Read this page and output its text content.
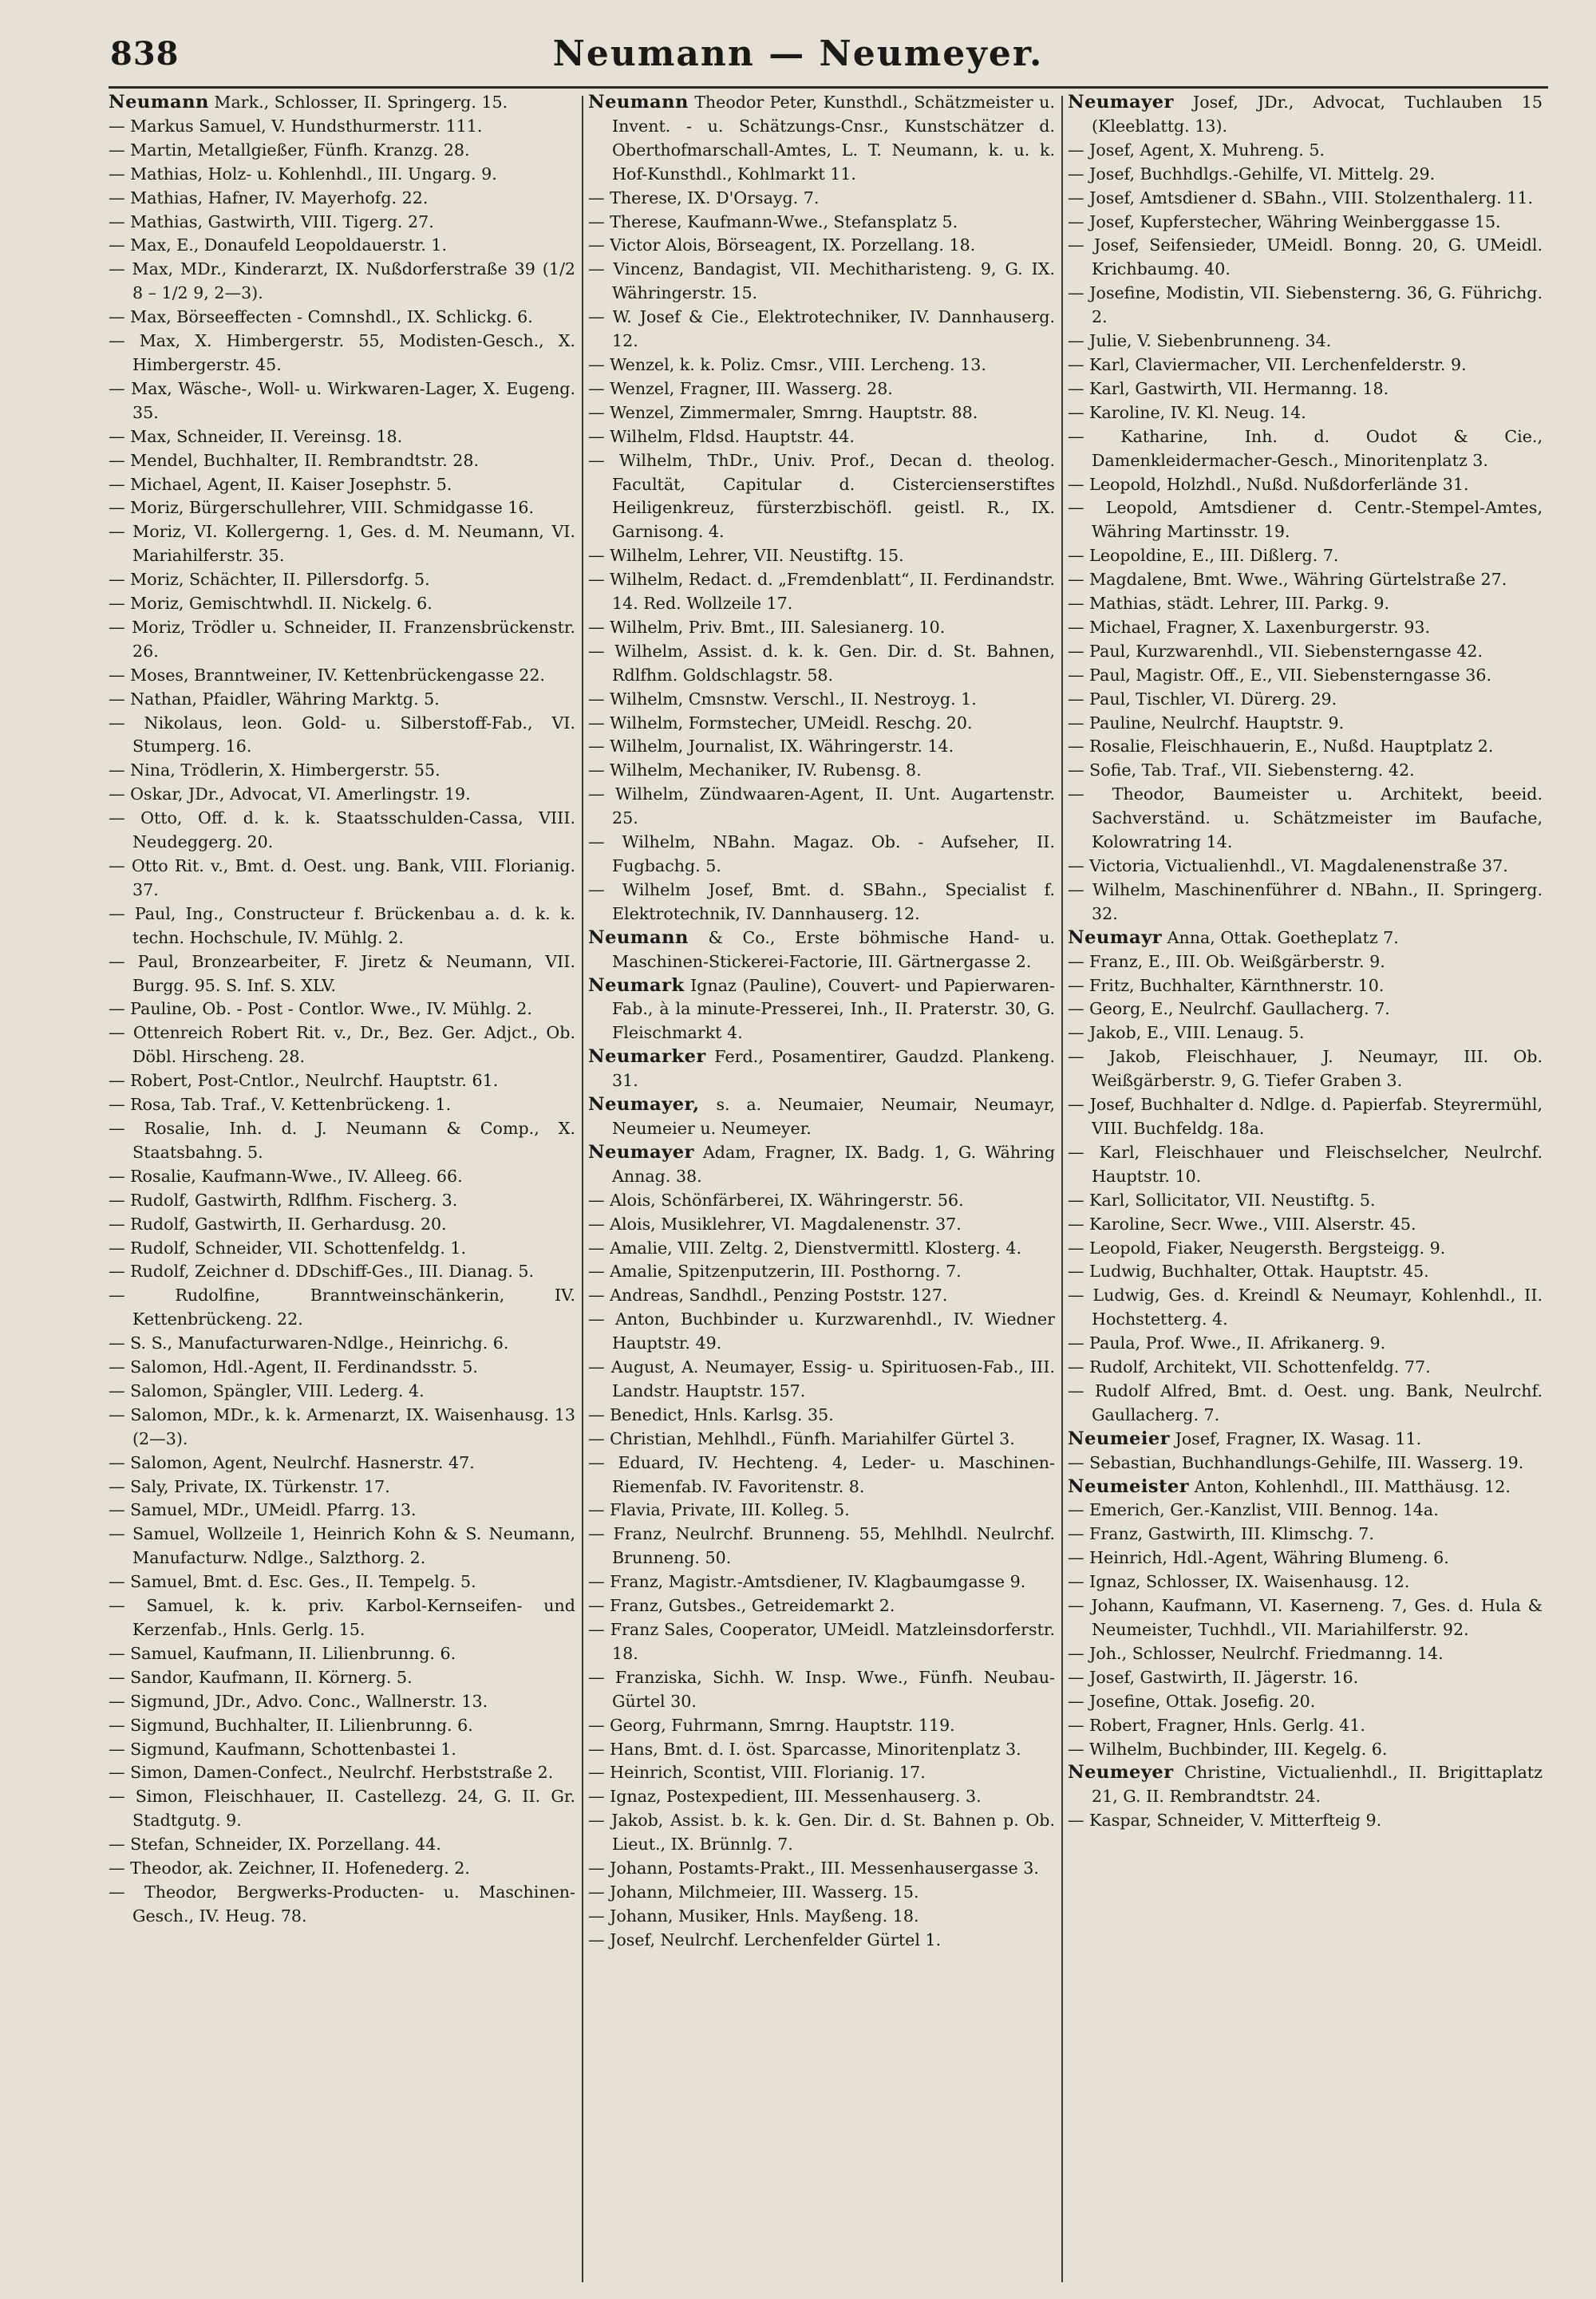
838	Neumann — Neumeyer.

Neumann Mark., Schlosser, II. Springerg. 15.

— Markus Samuel, V. Hundsthurmerstr. 111.

— Martin, Metallgießer, Fünfh. Kranzg. 28.

— Mathias, Holz- u. Kohlenhdl., III. Ungarg. 9.

— Mathias, Hafner, IV. Mayerhofg. 22.

— Mathias, Gastwirth, VIII. Tigerg. 27.

— Max, E., Donaufeld Leopoldauerstr. 1.

— Max, MDr., Kinderarzt, IX. Nußdorferstraße 39 (1/2 8 – 1/2 9, 2—3).

— Max, Börseeffecten - Comnshdl., IX. Schlickg. 6.

— Max, X. Himbergerstr. 55, Modisten-Gesch., X. Himbergerstr. 45.

— Max, Wäsche-, Woll- u. Wirkwaren-Lager, X. Eugeng. 35.

— Max, Schneider, II. Vereinsg. 18.

— Mendel, Buchhalter, II. Rembrandtstr. 28.

— Michael, Agent, II. Kaiser Josephstr. 5.

— Moriz, Bürgerschullehrer, VIII. Schmidgasse 16.

— Moriz, VI. Kollergerng. 1, Ges. d. M. Neumann, VI. Mariahilferstr. 35.

— Moriz, Schächter, II. Pillersdorfg. 5.

— Moriz, Gemischtwhdl. II. Nickelg. 6.

— Moriz, Trödler u. Schneider, II. Franzensbrückenstr. 26.

— Moses, Branntweiner, IV. Kettenbrückengasse 22.

— Nathan, Pfaidler, Währing Marktg. 5.

— Nikolaus, leon. Gold- u. Silberstoff-Fab., VI. Stumperg. 16.

— Nina, Trödlerin, X. Himbergerstr. 55.

— Oskar, JDr., Advocat, VI. Amerlingstr. 19.

— Otto, Off. d. k. k. Staatsschulden-Cassa, VIII. Neudeggerg. 20.

— Otto Rit. v., Bmt. d. Oest. ung. Bank, VIII. Florianig. 37.

— Paul, Ing., Constructeur f. Brückenbau a. d. k. k. techn. Hochschule, IV. Mühlg. 2.

— Paul, Bronzearbeiter, F. Jiretz & Neumann, VII. Burgg. 95. S. Inf. S. XLV.

— Pauline, Ob. - Post - Contlor. Wwe., IV. Mühlg. 2.

— Ottenreich Robert Rit. v., Dr., Bez. Ger. Adjct., Ob. Döbl. Hirscheng. 28.

— Robert, Post-Cntlor., Neulrchf. Hauptstr. 61.

— Rosa, Tab. Traf., V. Kettenbrückeng. 1.

— Rosalie, Inh. d. J. Neumann & Comp., X. Staatsbahng. 5.

— Rosalie, Kaufmann-Wwe., IV. Alleeg. 66.

— Rudolf, Gastwirth, Rdlfhm. Fischerg. 3.

— Rudolf, Gastwirth, II. Gerhardusg. 20.

— Rudolf, Schneider, VII. Schottenfeldg. 1.

— Rudolf, Zeichner d. DDschiff-Ges., III. Dianag. 5.

— Rudolfine, Branntweinschänkerin, IV. Kettenbrückeng. 22.

— S. S., Manufacturwaren-Ndlge., Heinrichg. 6.

— Salomon, Hdl.-Agent, II. Ferdinandsstr. 5.

— Salomon, Spängler, VIII. Lederg. 4.

— Salomon, MDr., k. k. Armenarzt, IX. Waisenhausg. 13 (2—3).

— Salomon, Agent, Neulrchf. Hasnerstr. 47.

— Saly, Private, IX. Türkenstr. 17.

— Samuel, MDr., UMeidl. Pfarrg. 13.

— Samuel, Wollzeile 1, Heinrich Kohn & S. Neumann, Manufacturw. Ndlge., Salzthorg. 2.

— Samuel, Bmt. d. Esc. Ges., II. Tempelg. 5.

— Samuel, k. k. priv. Karbol-Kernseifen- und Kerzenfab., Hnls. Gerlg. 15.

— Samuel, Kaufmann, II. Lilienbrunng. 6.

— Sandor, Kaufmann, II. Körnerg. 5.

— Sigmund, JDr., Advo. Conc., Wallnerstr. 13.

— Sigmund, Buchhalter, II. Lilienbrunng. 6.

— Sigmund, Kaufmann, Schottenbastei 1.

— Simon, Damen-Confect., Neulrchf. Herbststraße 2.

— Simon, Fleischhauer, II. Castellezg. 24, G. II. Gr. Stadtgutg. 9.

— Stefan, Schneider, IX. Porzellang. 44.

— Theodor, ak. Zeichner, II. Hofenederg. 2.

— Theodor, Bergwerks-Producten- u. Maschinen-Gesch., IV. Heug. 78.

Neumann Theodor Peter, Kunsthdl., Schätzmeister u. Invent. - u. Schätzungs-Cnsr., Kunstschätzer d. Oberthofmarschall-Amtes, L. T. Neumann, k. u. k. Hof-Kunsthdl., Kohlmarkt 11.

— Therese, IX. D'Orsayg. 7.

— Therese, Kaufmann-Wwe., Stefansplatz 5.

— Victor Alois, Börseagent, IX. Porzellang. 18.

— Vincenz, Bandagist, VII. Mechitharisteng. 9, G. IX. Währingerstr. 15.

— W. Josef & Cie., Elektrotechniker, IV. Dannhauserg. 12.

— Wenzel, k. k. Poliz. Cmsr., VIII. Lercheng. 13.

— Wenzel, Fragner, III. Wasserg. 28.

— Wenzel, Zimmermaler, Smrng. Hauptstr. 88.

— Wilhelm, Fldsd. Hauptstr. 44.

— Wilhelm, ThDr., Univ. Prof., Decan d. theolog. Facultät, Capitular d. Cistercienserstiftes Heiligenkreuz, fürsterzbischöfl. geistl. R., IX. Garnisong. 4.

— Wilhelm, Lehrer, VII. Neustiftg. 15.

— Wilhelm, Redact. d. „Fremdenblatt“, II. Ferdinandstr. 14. Red. Wollzeile 17.

— Wilhelm, Priv. Bmt., III. Salesianerg. 10.

— Wilhelm, Assist. d. k. k. Gen. Dir. d. St. Bahnen, Rdlfhm. Goldschlagstr. 58.

— Wilhelm, Cmsnstw. Verschl., II. Nestroyg. 1.

— Wilhelm, Formstecher, UMeidl. Reschg. 20.

— Wilhelm, Journalist, IX. Währingerstr. 14.

— Wilhelm, Mechaniker, IV. Rubensg. 8.

— Wilhelm, Zündwaaren-Agent, II. Unt. Augartenstr. 25.

— Wilhelm, NBahn. Magaz. Ob. - Aufseher, II. Fugbachg. 5.

— Wilhelm Josef, Bmt. d. SBahn., Specialist f. Elektrotechnik, IV. Dannhauserg. 12.

Neumann & Co., Erste böhmische Hand- u. Maschinen-Stickerei-Factorie, III. Gärtnergasse 2.

Neumark Ignaz (Pauline), Couvert- und Papierwaren-Fab., à la minute-Presserei, Inh., II. Praterstr. 30, G. Fleischmarkt 4.

Neumarker Ferd., Posamentirer, Gaudzd. Plankeng. 31.

Neumayer, s. a. Neumaier, Neumair, Neumayr, Neumeier u. Neumeyer.

Neumayer Adam, Fragner, IX. Badg. 1, G. Währing Annag. 38.

— Alois, Schönfärberei, IX. Währingerstr. 56.

— Alois, Musiklehrer, VI. Magdalenenstr. 37.

— Amalie, VIII. Zeltg. 2, Dienstvermittl. Klosterg. 4.

— Amalie, Spitzenputzerin, III. Posthorng. 7.

— Andreas, Sandhdl., Penzing Poststr. 127.

— Anton, Buchbinder u. Kurzwarenhdl., IV. Wiedner Hauptstr. 49.

— August, A. Neumayer, Essig- u. Spirituosen-Fab., III. Landstr. Hauptstr. 157.

— Benedict, Hnls. Karlsg. 35.

— Christian, Mehlhdl., Fünfh. Mariahilfer Gürtel 3.

— Eduard, IV. Hechteng. 4, Leder- u. Maschinen-Riemenfab. IV. Favoritenstr. 8.

— Flavia, Private, III. Kolleg. 5.

— Franz, Neulrchf. Brunneng. 55, Mehlhdl. Neulrchf. Brunneng. 50.

— Franz, Magistr.-Amtsdiener, IV. Klagbaumgasse 9.

— Franz, Gutsbes., Getreidemarkt 2.

— Franz Sales, Cooperator, UMeidl. Matzleinsdorferstr. 18.

— Franziska, Sichh. W. Insp. Wwe., Fünfh. Neubau-Gürtel 30.

— Georg, Fuhrmann, Smrng. Hauptstr. 119.

— Hans, Bmt. d. I. öst. Sparcasse, Minoritenplatz 3.

— Heinrich, Scontist, VIII. Florianig. 17.

— Ignaz, Postexpedient, III. Messenhauserg. 3.

— Jakob, Assist. b. k. k. Gen. Dir. d. St. Bahnen p. Ob. Lieut., IX. Brünnlg. 7.

— Johann, Postamts-Prakt., III. Messenhausergasse 3.

— Johann, Milchmeier, III. Wasserg. 15.

— Johann, Musiker, Hnls. Mayßeng. 18.

— Josef, Neulrchf. Lerchenfelder Gürtel 1.

Neumayer Josef, JDr., Advocat, Tuchlauben 15 (Kleeblattg. 13).

— Josef, Agent, X. Muhreng. 5.

— Josef, Buchhdlgs.-Gehilfe, VI. Mittelg. 29.

— Josef, Amtsdiener d. SBahn., VIII. Stolzenthalerg. 11.

— Josef, Kupferstecher, Währing Weinberggasse 15.

— Josef, Seifensieder, UMeidl. Bonng. 20, G. UMeidl. Krichbaumg. 40.

— Josefine, Modistin, VII. Siebensterng. 36, G. Führichg. 2.

— Julie, V. Siebenbrunneng. 34.

— Karl, Claviermacher, VII. Lerchenfelderstr. 9.

— Karl, Gastwirth, VII. Hermanng. 18.

— Karoline, IV. Kl. Neug. 14.

— Katharine, Inh. d. Oudot & Cie., Damenkleidermacher-Gesch., Minoritenplatz 3.

— Leopold, Holzhdl., Nußd. Nußdorferlände 31.

— Leopold, Amtsdiener d. Centr.-Stempel-Amtes, Währing Martinsstr. 19.

— Leopoldine, E., III. Dißlerg. 7.

— Magdalene, Bmt. Wwe., Währing Gürtelstraße 27.

— Mathias, städt. Lehrer, III. Parkg. 9.

— Michael, Fragner, X. Laxenburgerstr. 93.

— Paul, Kurzwarenhdl., VII. Siebensterngasse 42.

— Paul, Magistr. Off., E., VII. Siebensterngasse 36.

— Paul, Tischler, VI. Dürerg. 29.

— Pauline, Neulrchf. Hauptstr. 9.

— Rosalie, Fleischhauerin, E., Nußd. Hauptplatz 2.

— Sofie, Tab. Traf., VII. Siebensterng. 42.

— Theodor, Baumeister u. Architekt, beeid. Sachverständ. u. Schätzmeister im Baufache, Kolowratring 14.

— Victoria, Victualienhdl., VI. Magdalenenstraße 37.

— Wilhelm, Maschinenführer d. NBahn., II. Springerg. 32.

Neumayr Anna, Ottak. Goetheplatz 7.

— Franz, E., III. Ob. Weißgärberstr. 9.

— Fritz, Buchhalter, Kärnthnerstr. 10.

— Georg, E., Neulrchf. Gaullacherg. 7.

— Jakob, E., VIII. Lenaug. 5.

— Jakob, Fleischhauer, J. Neumayr, III. Ob. Weißgärberstr. 9, G. Tiefer Graben 3.

— Josef, Buchhalter d. Ndlge. d. Papierfab. Steyrermühl, VIII. Buchfeldg. 18a.

— Karl, Fleischhauer und Fleischselcher, Neulrchf. Hauptstr. 10.

— Karl, Sollicitator, VII. Neustiftg. 5.

— Karoline, Secr. Wwe., VIII. Alserstr. 45.

— Leopold, Fiaker, Neugersth. Bergsteigg. 9.

— Ludwig, Buchhalter, Ottak. Hauptstr. 45.

— Ludwig, Ges. d. Kreindl & Neumayr, Kohlenhdl., II. Hochstetterg. 4.

— Paula, Prof. Wwe., II. Afrikanerg. 9.

— Rudolf, Architekt, VII. Schottenfeldg. 77.

— Rudolf Alfred, Bmt. d. Oest. ung. Bank, Neulrchf. Gaullacherg. 7.

Neumeier Josef, Fragner, IX. Wasag. 11.

— Sebastian, Buchhandlungs-Gehilfe, III. Wasserg. 19.

Neumeister Anton, Kohlenhdl., III. Matthäusg. 12.

— Emerich, Ger.-Kanzlist, VIII. Bennog. 14a.

— Franz, Gastwirth, III. Klimschg. 7.

— Heinrich, Hdl.-Agent, Währing Blumeng. 6.

— Ignaz, Schlosser, IX. Waisenhausg. 12.

— Johann, Kaufmann, VI. Kaserneng. 7, Ges. d. Hula & Neumeister, Tuchhdl., VII. Mariahilferstr. 92.

— Joh., Schlosser, Neulrchf. Friedmanng. 14.

— Josef, Gastwirth, II. Jägerstr. 16.

— Josefine, Ottak. Josefig. 20.

— Robert, Fragner, Hnls. Gerlg. 41.

— Wilhelm, Buchbinder, III. Kegelg. 6.

Neumeyer Christine, Victualienhdl., II. Brigittaplatz 21, G. II. Rembrandtstr. 24.

— Kaspar, Schneider, V. Mitterfteig 9.
